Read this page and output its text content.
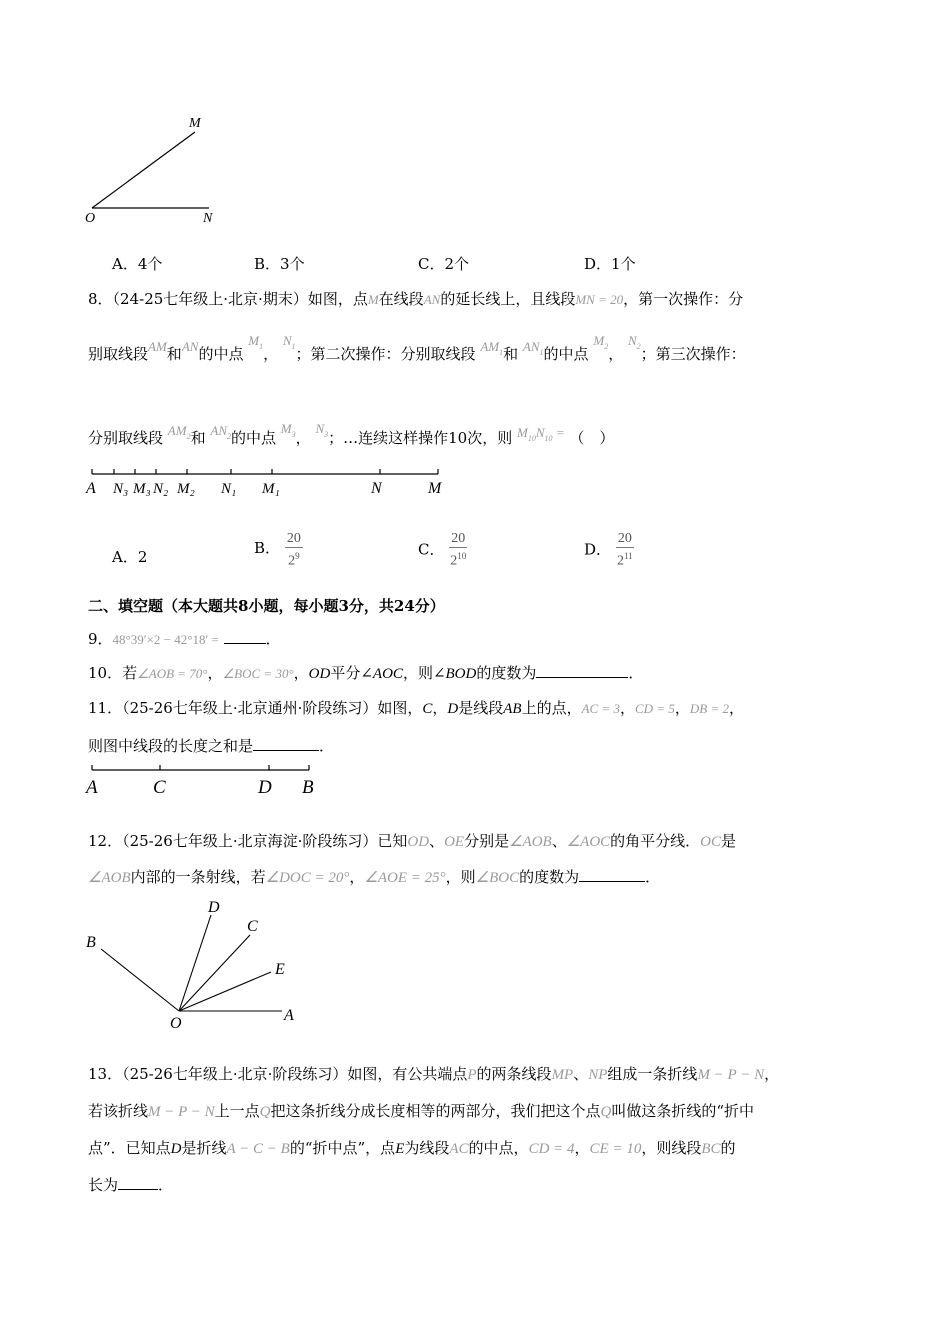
M
O	N
A．4个	B．3个	C．2个	D．1个
8．（24-25七年级上·北京·期末）如图，点M在线段AN的延长线上，且线段MN = 20，第一次操作：分
别取线段AM和AN的中点 $M_1$， $N_1$；第二次操作：分别取线段 $AM_1$和 $AN_1$的中点 $M_2$， $N_2$；第三次操作：
分别取线段 $AM_2$和 $AN_2$的中点 $M_3$， $N_3$；…连续这样操作10次，则 $M_{10}N_{10}$ = （　）
A N₃ M₃ N₂ M₂ N₁ M₁	N	M
A．2	B． $\frac{20}{2^9}$	C． $\frac{20}{2^{10}}$	D． $\frac{20}{2^{11}}$
二、填空题（本大题共8小题，每小题3分，共24分）
9．48°39′×2 − 42°18′ =	．
10．若∠AOB = 70°，∠BOC = 30°，OD平分∠AOC，则∠BOD的度数为	．
11．（25-26七年级上·北京通州·阶段练习）如图，C，D是线段AB上的点，AC = 3，CD = 5，DB = 2，
则图中线段的长度之和是	．
A	C	D B
12．（25-26七年级上·北京海淀·阶段练习）已知OD、OE分别是∠AOB、∠AOC的角平分线．OC是
∠AOB内部的一条射线，若∠DOC = 20°，∠AOE = 25°，则∠BOC的度数为	．
D
C
B
E
O	A
13．（25-26七年级上·北京·阶段练习）如图，有公共端点P的两条线段MP、NP组成一条折线M − P − N，
若该折线M − P − N上一点Q把这条折线分成长度相等的两部分，我们把这个点Q叫做这条折线的“折中
点”．已知点D是折线A − C − B的“折中点”，点E为线段AC的中点，CD = 4，CE = 10，则线段BC的
长为	．
